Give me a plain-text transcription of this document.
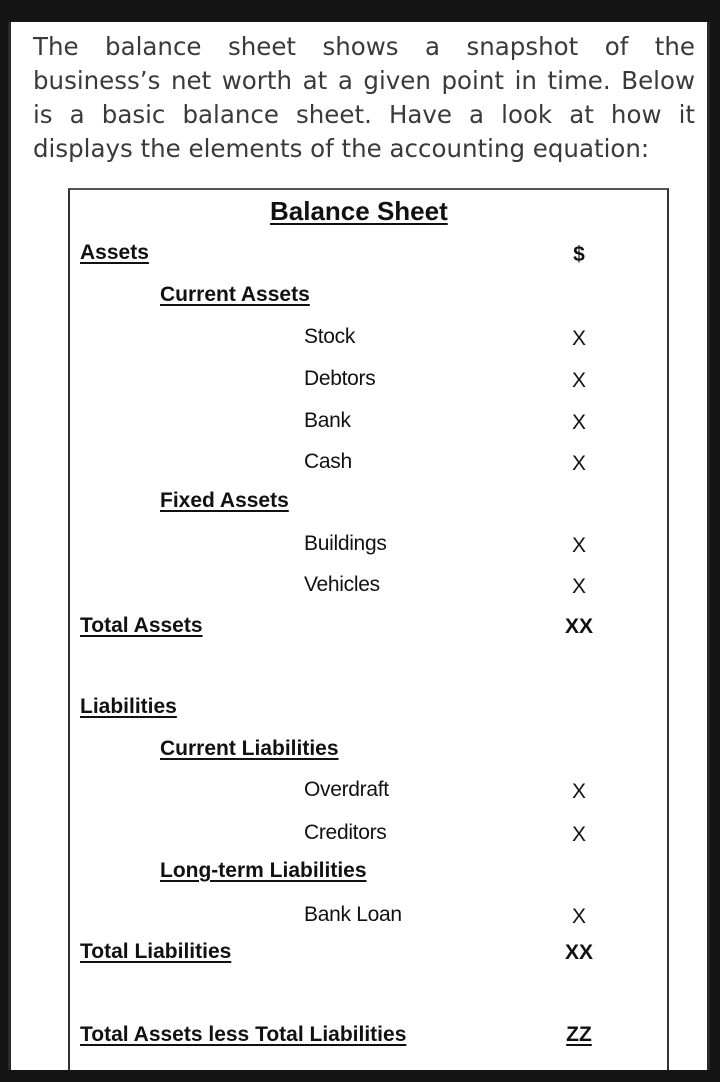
The balance sheet shows a snapshot of the business’s net worth at a given point in time. Below is a basic balance sheet. Have a look at how it displays the elements of the accounting equation:

Balance Sheet
Assets	$
Current Assets
Stock	X
Debtors	X
Bank	X
Cash	X
Fixed Assets
Buildings	X
Vehicles	X
Total Assets	XX
Liabilities
Current Liabilities
Overdraft	X
Creditors	X
Long-term Liabilities
Bank Loan	X
Total Liabilities	XX
Total Assets less Total Liabilities	ZZ
